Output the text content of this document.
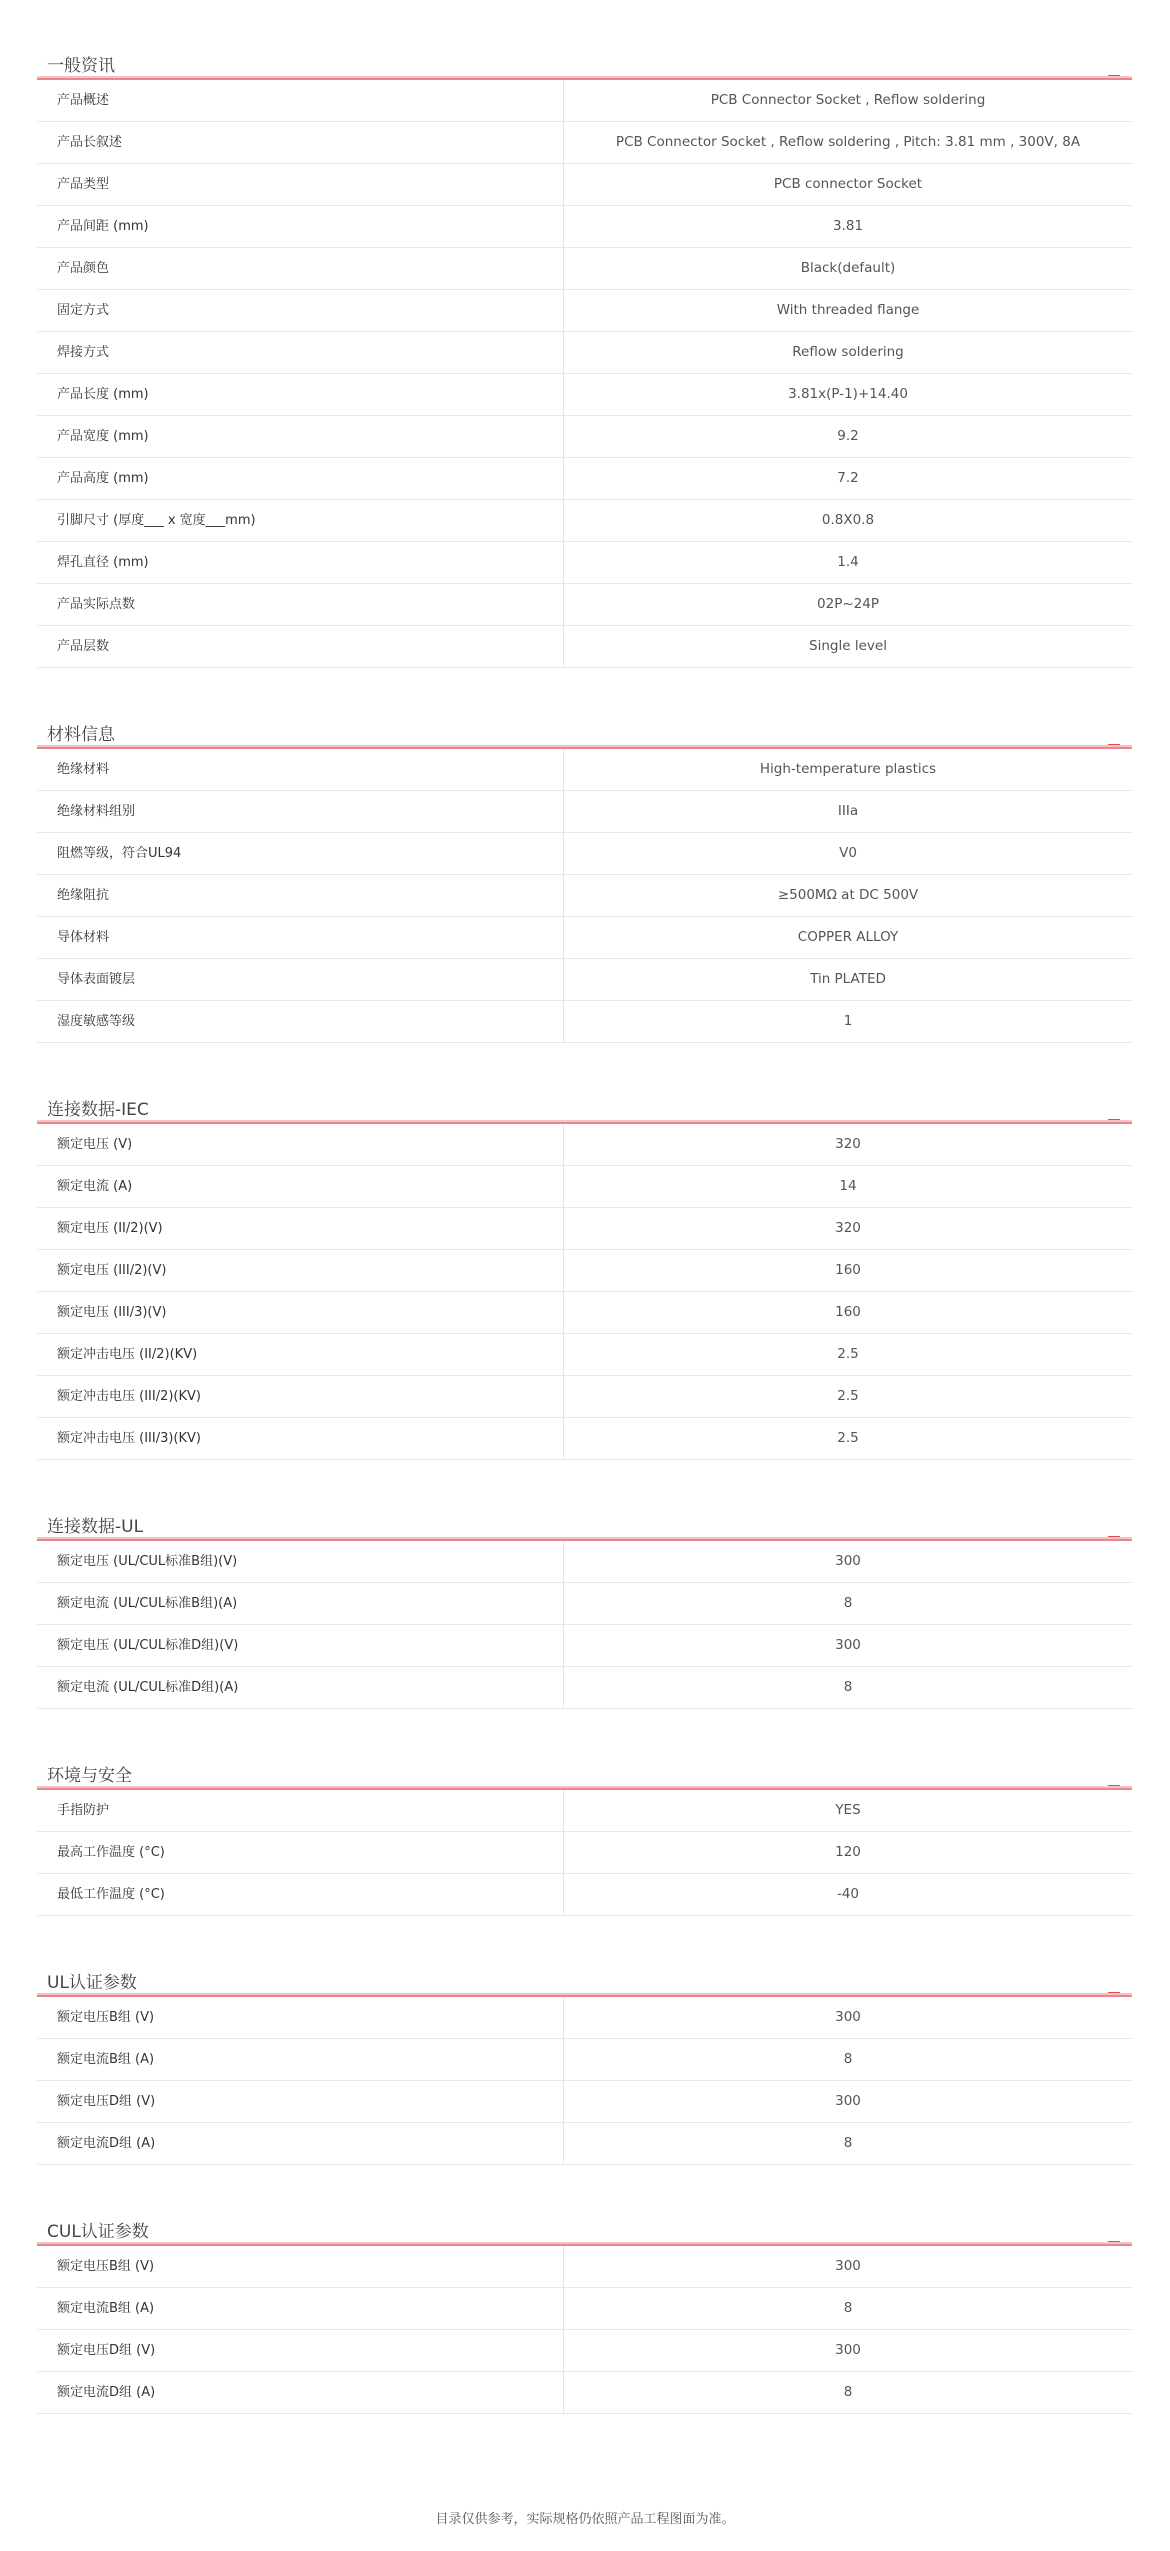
一般资讯
产品概述	PCB Connector Socket , Reflow soldering
产品长叙述	PCB Connector Socket , Reflow soldering , Pitch: 3.81 mm , 300V, 8A
产品类型	PCB connector Socket
产品间距 (mm)	3.81
产品颜色	Black(default)
固定方式	With threaded flange
焊接方式	Reflow soldering
产品长度 (mm)	3.81x(P-1)+14.40
产品宽度 (mm)	9.2
产品高度 (mm)	7.2
引脚尺寸 (厚度___ x 宽度___mm)	0.8X0.8
焊孔直径 (mm)	1.4
产品实际点数	02P~24P
产品层数	Single level
材料信息
绝缘材料	High-temperature plastics
绝缘材料组别	IIIa
阻燃等级，符合UL94	V0
绝缘阻抗	≥500MΩ at DC 500V
导体材料	COPPER ALLOY
导体表面镀层	Tin PLATED
湿度敏感等级	1
连接数据-IEC
额定电压 (V)	320
额定电流 (A)	14
额定电压 (II/2)(V)	320
额定电压 (III/2)(V)	160
额定电压 (III/3)(V)	160
额定冲击电压 (II/2)(KV)	2.5
额定冲击电压 (III/2)(KV)	2.5
额定冲击电压 (III/3)(KV)	2.5
连接数据-UL
额定电压 (UL/CUL标准B组)(V)	300
额定电流 (UL/CUL标准B组)(A)	8
额定电压 (UL/CUL标准D组)(V)	300
额定电流 (UL/CUL标准D组)(A)	8
环境与安全
手指防护	YES
最高工作温度 (°C)	120
最低工作温度 (°C)	-40
UL认证参数
额定电压B组 (V)	300
额定电流B组 (A)	8
额定电压D组 (V)	300
额定电流D组 (A)	8
CUL认证参数
额定电压B组 (V)	300
额定电流B组 (A)	8
额定电压D组 (V)	300
额定电流D组 (A)	8
目录仅供参考，实际规格仍依照产品工程图面为准。
